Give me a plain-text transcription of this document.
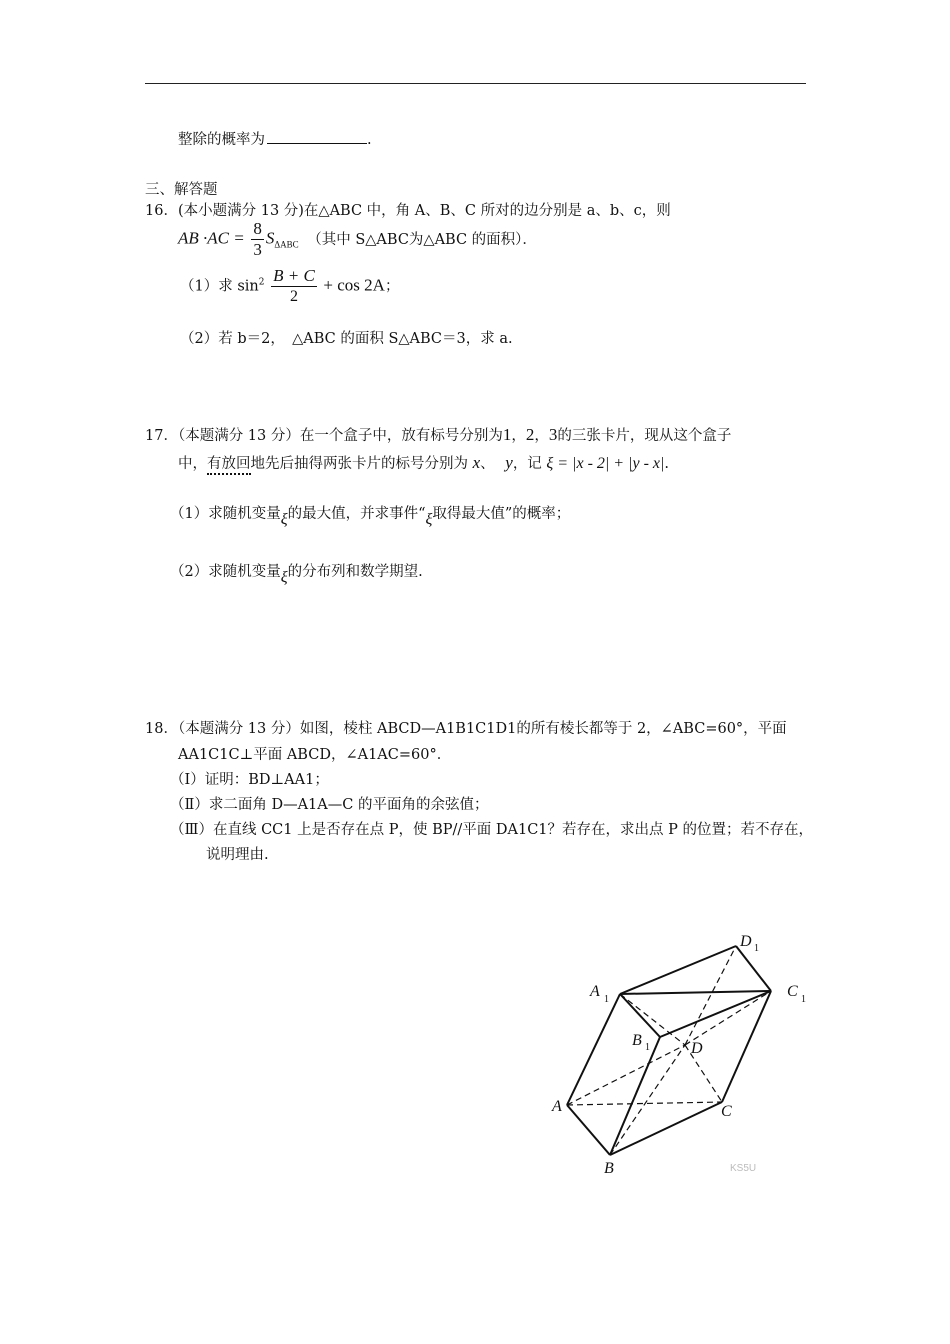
整除的概率为	.
三、解答题
16．(本小题满分 13 分)在△ABC 中，角 A、B、C 所对的边分别是 a、b、c，则
AB $\cdot AC = \frac{8}{3} S_{\Delta ABC}$ （其中 S△ABC为△ABC 的面积）．
（1）求 $\sin^2 \frac{B + C}{2} + \cos 2A$；
（2）若 b＝2，　△ABC 的面积 S△ABC＝3，求 a.
17．（本题满分 13 分）在一个盒子中，放有标号分别为1，2，3的三张卡片，现从这个盒子
中，有放回地先后抽得两张卡片的标号分别为 x、 y，记 ξ = |x - 2| + |y - x|.
（1）求随机变量ξ的最大值，并求事件“ξ取得最大值”的概率；
（2）求随机变量ξ的分布列和数学期望.
18．（本题满分 13 分）如图，棱柱 ABCD—A1B1C1D1的所有棱长都等于 2，∠ABC=60°，平面
AA1C1C⊥平面 ABCD，∠A1AC=60°．
（Ⅰ）证明：BD⊥AA1；
（Ⅱ）求二面角 D—A1A—C 的平面角的余弦值；
（Ⅲ）在直线 CC1 上是否存在点 P，使 BP//平面 DA1C1？若存在，求出点 P 的位置；若不存在，
说明理由.
A 1
D 1
C 1
B 1	D
A	C
B	KS5U
